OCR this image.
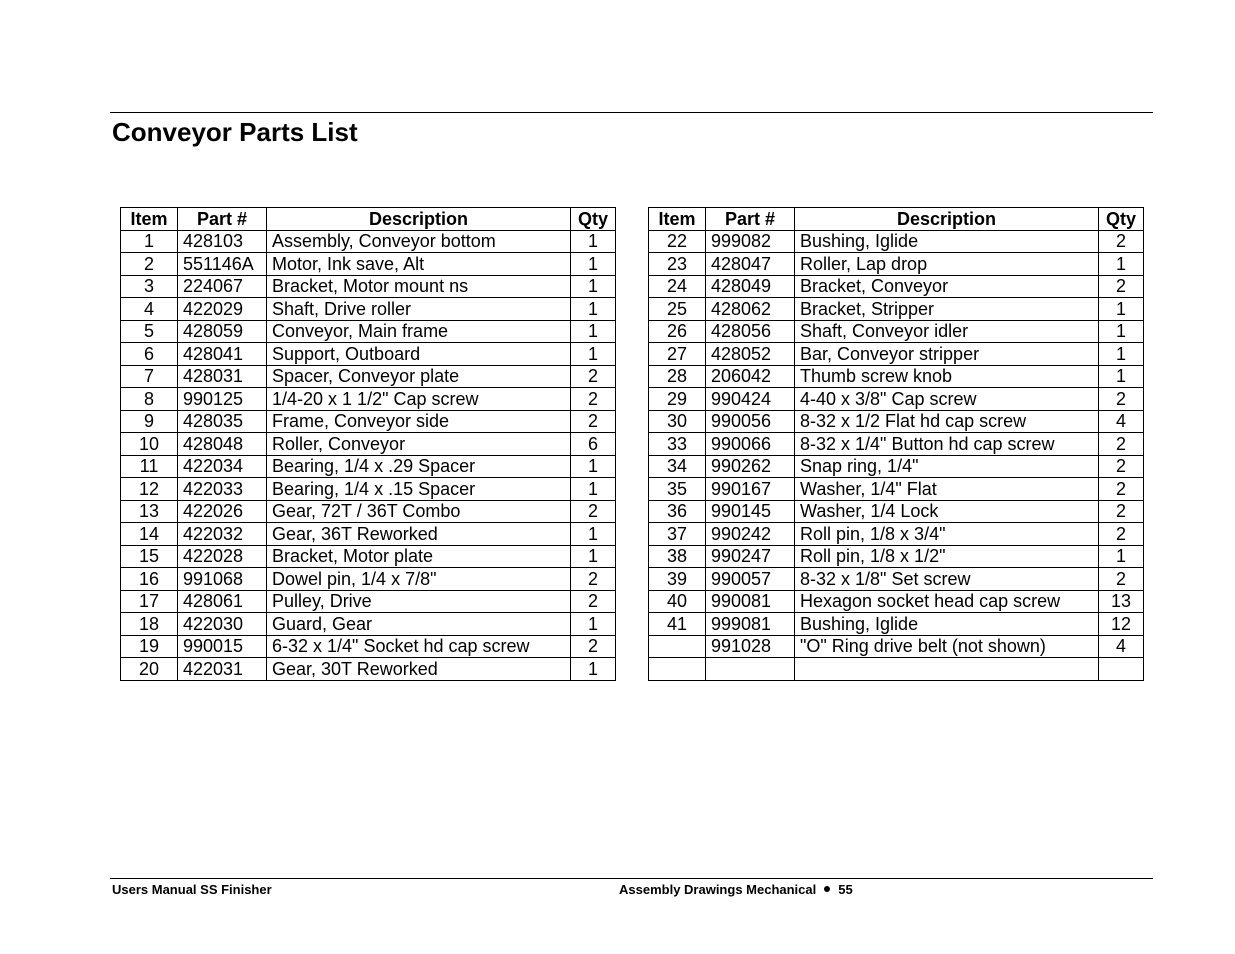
Conveyor Parts List
Item	Part #	Description	Qty
1	428103	Assembly, Conveyor bottom	1
2	551146A	Motor, Ink save, Alt	1
3	224067	Bracket, Motor mount ns	1
4	422029	Shaft, Drive roller	1
5	428059	Conveyor, Main frame	1
6	428041	Support, Outboard	1
7	428031	Spacer, Conveyor plate	2
8	990125	1/4-20 x 1 1/2" Cap screw	2
9	428035	Frame, Conveyor side	2
10	428048	Roller, Conveyor	6
11	422034	Bearing, 1/4 x .29 Spacer	1
12	422033	Bearing, 1/4 x .15 Spacer	1
13	422026	Gear, 72T / 36T Combo	2
14	422032	Gear, 36T Reworked	1
15	422028	Bracket, Motor plate	1
16	991068	Dowel pin, 1/4 x 7/8"	2
17	428061	Pulley, Drive	2
18	422030	Guard, Gear	1
19	990015	6-32 x 1/4" Socket hd cap screw	2
20	422031	Gear, 30T Reworked	1
Item	Part #	Description	Qty
22	999082	Bushing, Iglide	2
23	428047	Roller, Lap drop	1
24	428049	Bracket, Conveyor	2
25	428062	Bracket, Stripper	1
26	428056	Shaft, Conveyor idler	1
27	428052	Bar, Conveyor stripper	1
28	206042	Thumb screw knob	1
29	990424	4-40 x 3/8" Cap screw	2
30	990056	8-32 x 1/2 Flat hd cap screw	4
33	990066	8-32 x 1/4" Button hd cap screw	2
34	990262	Snap ring, 1/4"	2
35	990167	Washer, 1/4" Flat	2
36	990145	Washer, 1/4 Lock	2
37	990242	Roll pin, 1/8 x 3/4"	2
38	990247	Roll pin, 1/8 x 1/2"	1
39	990057	8-32 x 1/8" Set screw	2
40	990081	Hexagon socket head cap screw	13
41	999081	Bushing, Iglide	12
	991028	"O" Ring drive belt (not shown)	4

Users Manual SS Finisher	Assembly Drawings Mechanical 55
